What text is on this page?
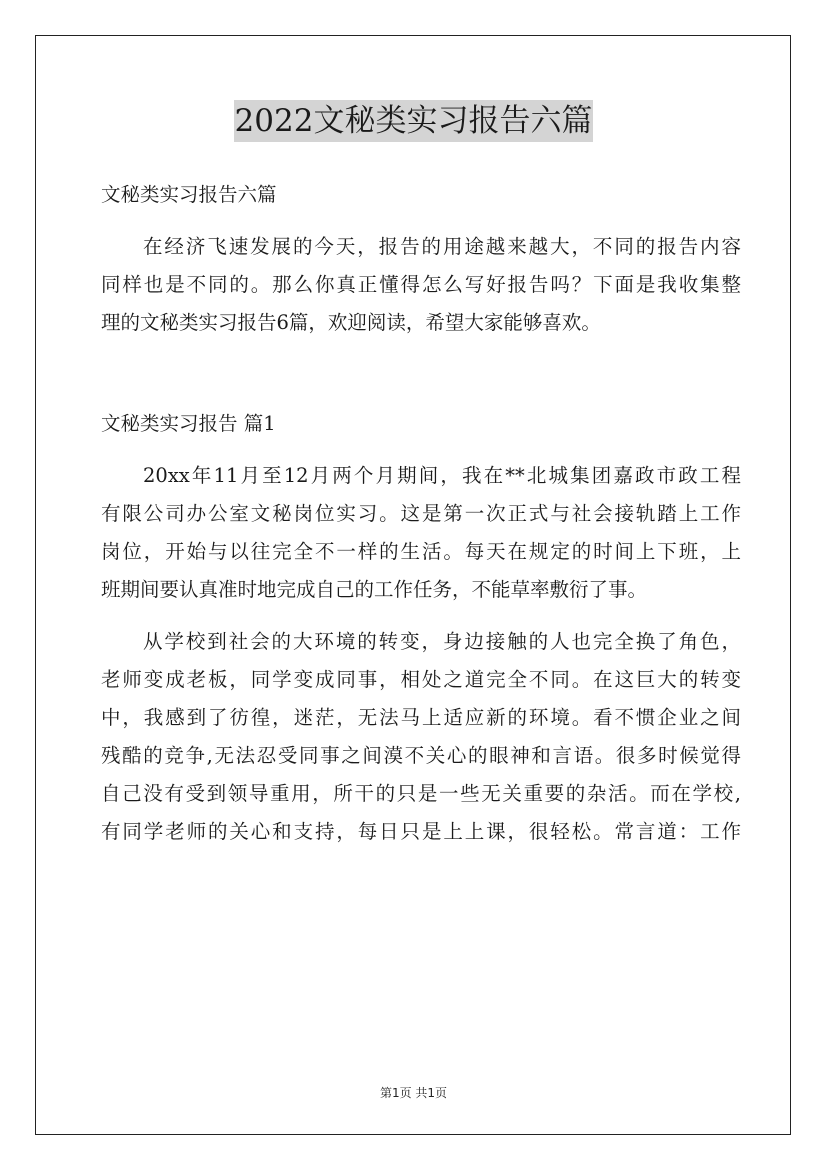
2022文秘类实习报告六篇
文秘类实习报告六篇
在经济飞速发展的今天，报告的用途越来越大，不同的报告内容
同样也是不同的。那么你真正懂得怎么写好报告吗？下面是我收集整
理的文秘类实习报告6篇，欢迎阅读，希望大家能够喜欢。
文秘类实习报告 篇1
20xx年11月至12月两个月期间，我在**北城集团嘉政市政工程
有限公司办公室文秘岗位实习。这是第一次正式与社会接轨踏上工作
岗位，开始与以往完全不一样的生活。每天在规定的时间上下班，上
班期间要认真准时地完成自己的工作任务，不能草率敷衍了事。
从学校到社会的大环境的转变，身边接触的人也完全换了角色，
老师变成老板，同学变成同事，相处之道完全不同。在这巨大的转变
中，我感到了彷徨，迷茫，无法马上适应新的环境。看不惯企业之间
残酷的竞争,无法忍受同事之间漠不关心的眼神和言语。很多时候觉得
自己没有受到领导重用，所干的只是一些无关重要的杂活。而在学校,
有同学老师的关心和支持，每日只是上上课，很轻松。常言道：工作
第1页 共1页
